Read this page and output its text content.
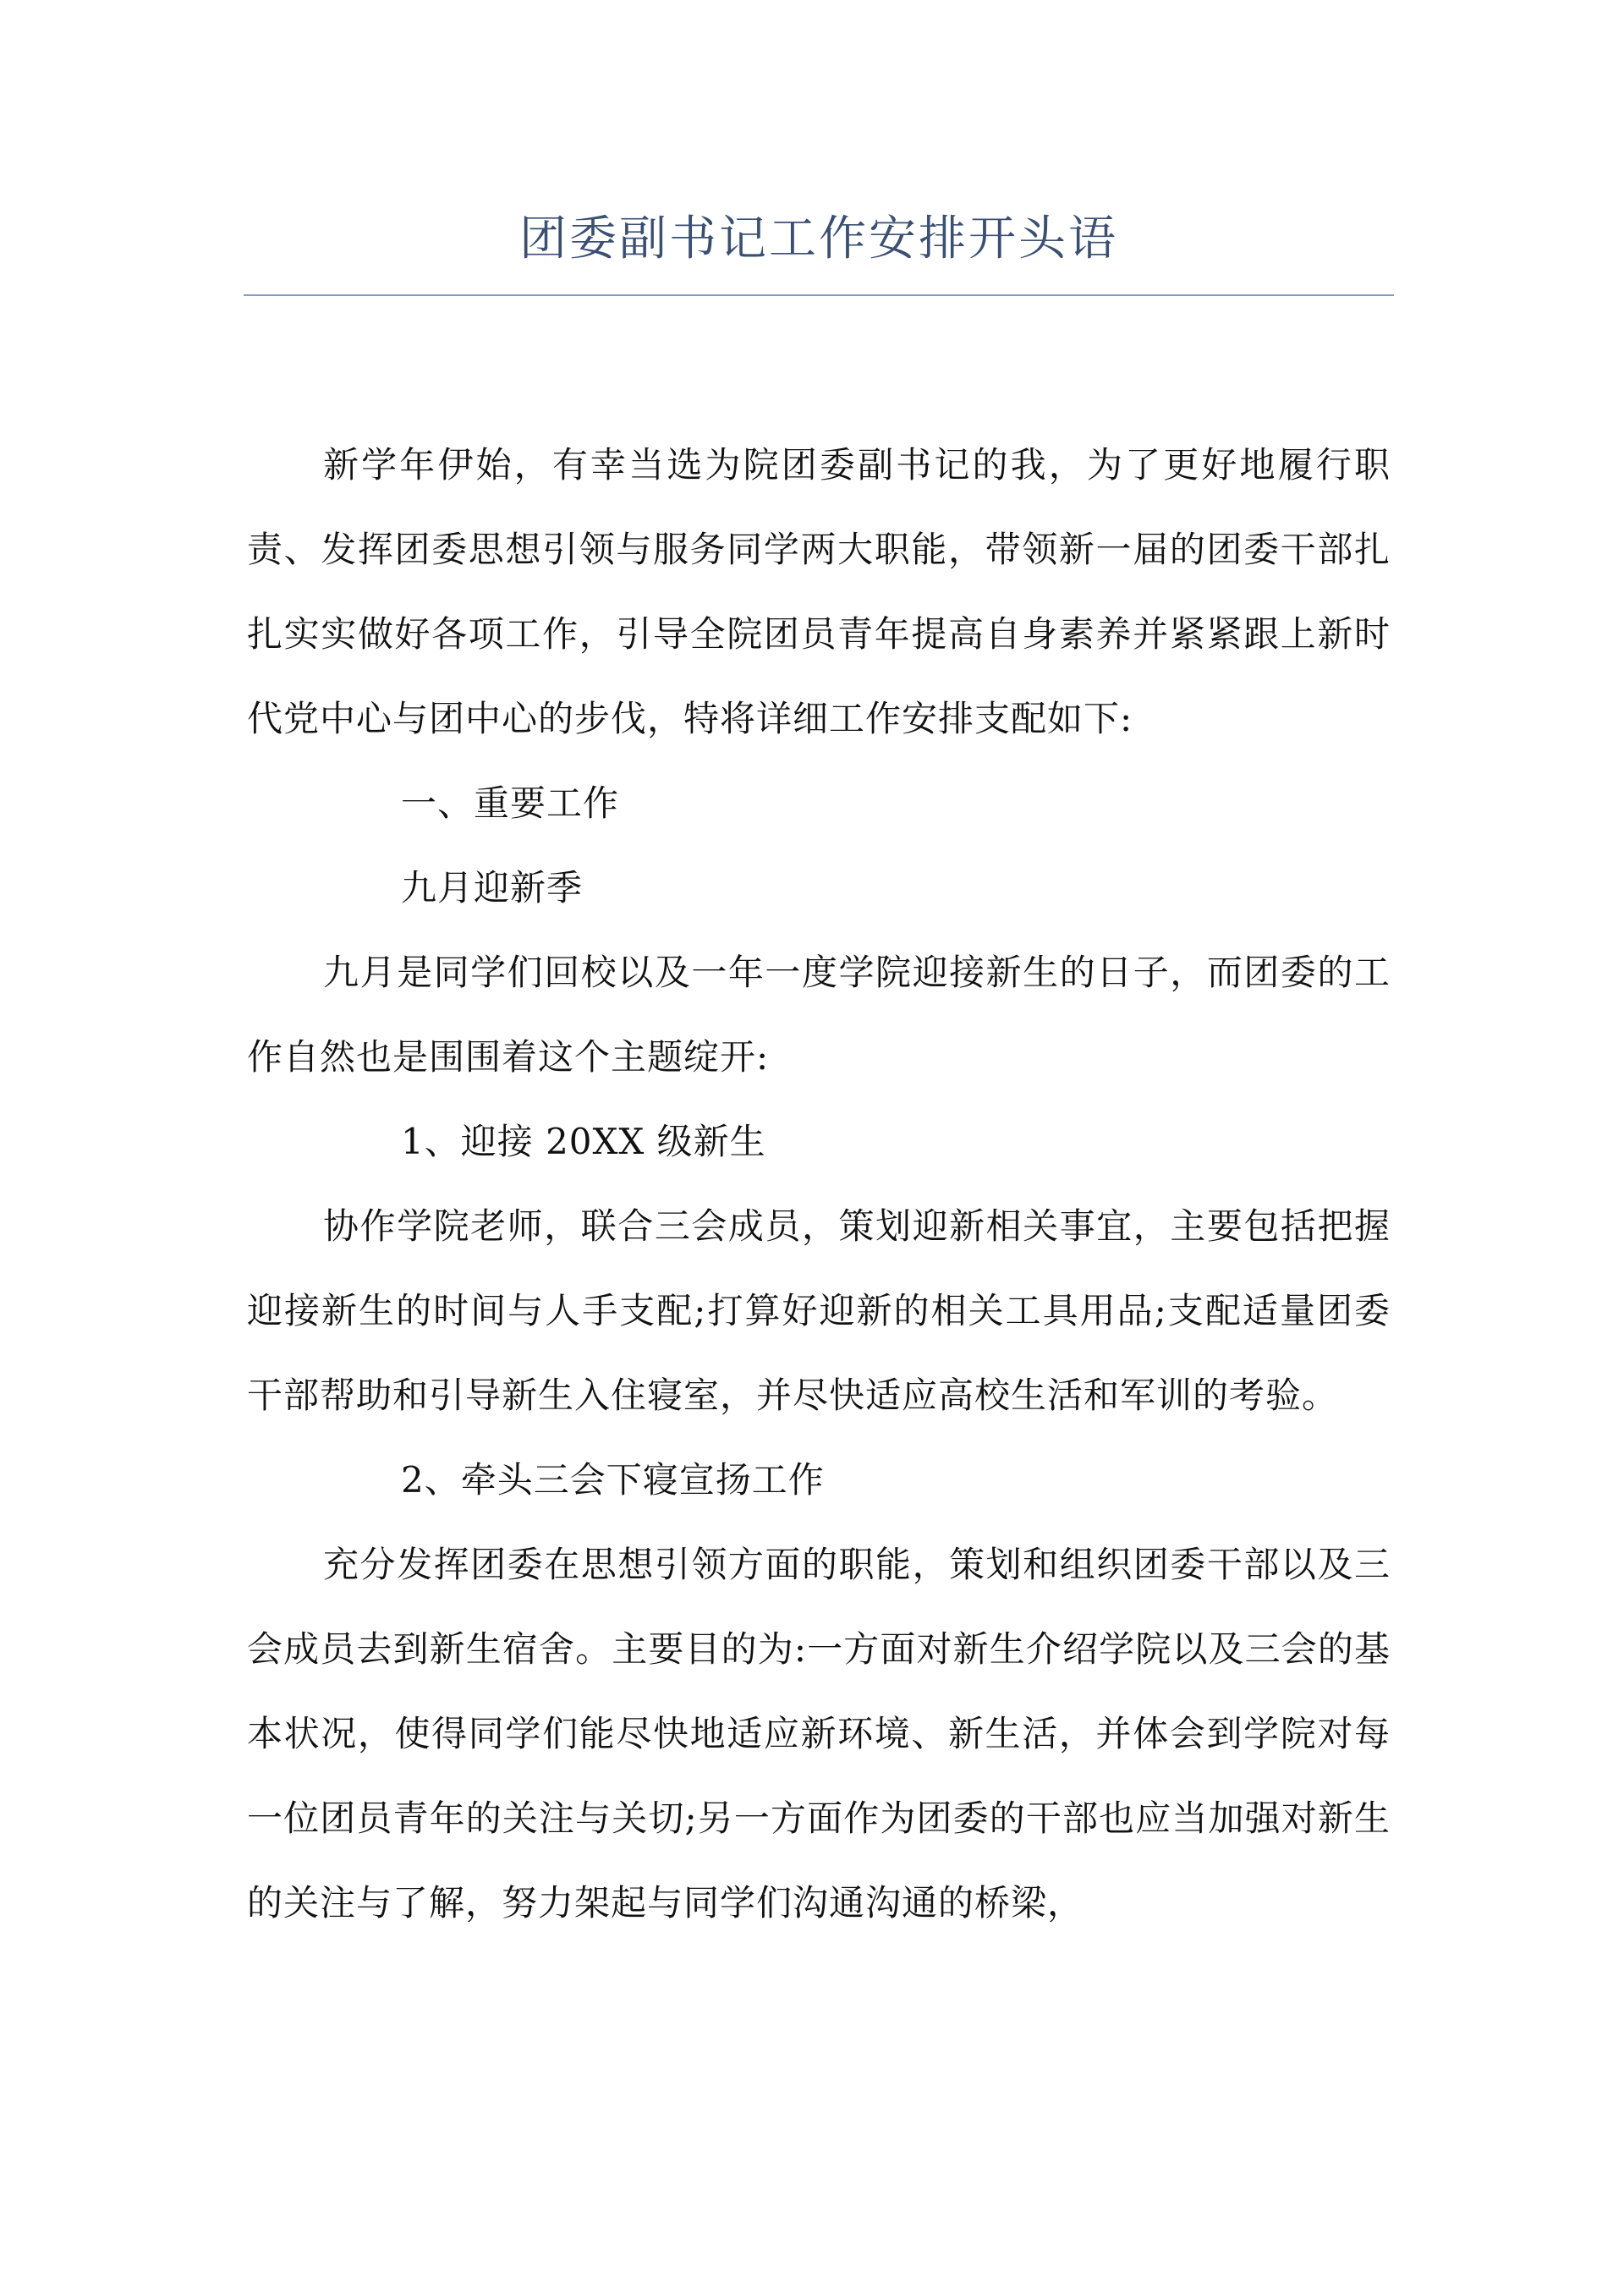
团委副书记工作安排开头语

新学年伊始，有幸当选为院团委副书记的我，为了更好地履行职责、发挥团委思想引领与服务同学两大职能，带领新一届的团委干部扎扎实实做好各项工作，引导全院团员青年提高自身素养并紧紧跟上新时代党中心与团中心的步伐，特将详细工作安排支配如下:

一、重要工作

九月迎新季

九月是同学们回校以及一年一度学院迎接新生的日子，而团委的工作自然也是围围着这个主题绽开:

1、迎接 20XX 级新生

协作学院老师，联合三会成员，策划迎新相关事宜，主要包括把握迎接新生的时间与人手支配;打算好迎新的相关工具用品;支配适量团委干部帮助和引导新生入住寝室，并尽快适应高校生活和军训的考验。

2、牵头三会下寝宣扬工作

充分发挥团委在思想引领方面的职能，策划和组织团委干部以及三会成员去到新生宿舍。主要目的为:一方面对新生介绍学院以及三会的基本状况，使得同学们能尽快地适应新环境、新生活，并体会到学院对每一位团员青年的关注与关切;另一方面作为团委的干部也应当加强对新生的关注与了解，努力架起与同学们沟通沟通的桥梁，
